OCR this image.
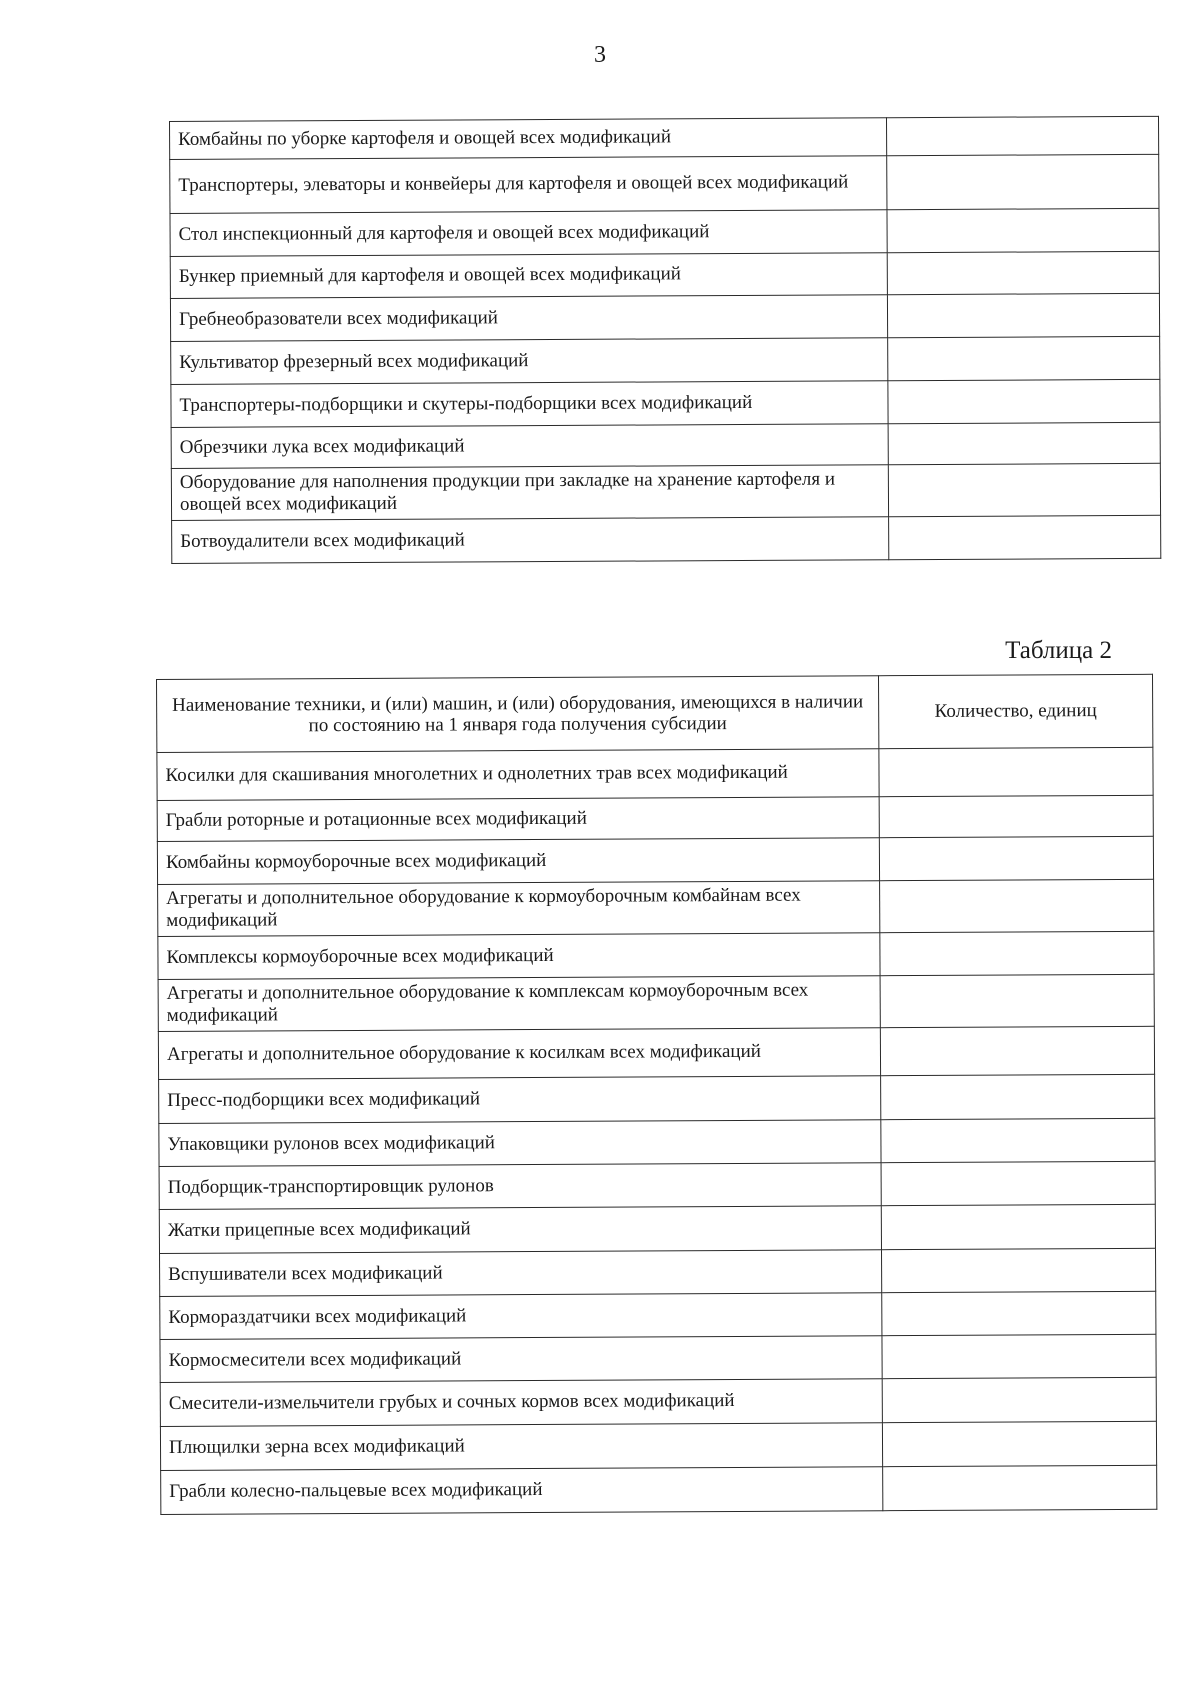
3
Комбайны по уборке картофеля и овощей всех модификаций	
Транспортеры, элеваторы и конвейеры для картофеля и овощей всех модификаций	
Стол инспекционный для картофеля и овощей всех модификаций	
Бункер приемный для картофеля и овощей всех модификаций	
Гребнеобразователи всех модификаций	
Культиватор фрезерный всех модификаций	
Транспортеры-подборщики и скутеры-подборщики всех модификаций	
Обрезчики лука всех модификаций	
Оборудование для наполнения продукции при закладке на хранение картофеля и овощей всех модификаций	
Ботвоудалители всех модификаций	
Таблица 2
Наименование техники, и (или) машин, и (или) оборудования, имеющихся в наличии по состоянию на 1 января года получения субсидии	Количество, единиц
Косилки для скашивания многолетних и однолетних трав всех модификаций	
Грабли роторные и ротационные всех модификаций	
Комбайны кормоуборочные всех модификаций	
Агрегаты и дополнительное оборудование к кормоуборочным комбайнам всех модификаций	
Комплексы кормоуборочные всех модификаций	
Агрегаты и дополнительное оборудование к комплексам кормоуборочным всех модификаций	
Агрегаты и дополнительное оборудование к косилкам всех модификаций	
Пресс-подборщики всех модификаций	
Упаковщики рулонов всех модификаций	
Подборщик-транспортировщик рулонов	
Жатки прицепные всех модификаций	
Вспушиватели всех модификаций	
Кормораздатчики всех модификаций	
Кормосмесители всех модификаций	
Смесители-измельчители грубых и сочных кормов всех модификаций	
Плющилки зерна всех модификаций	
Грабли колесно-пальцевые всех модификаций	
